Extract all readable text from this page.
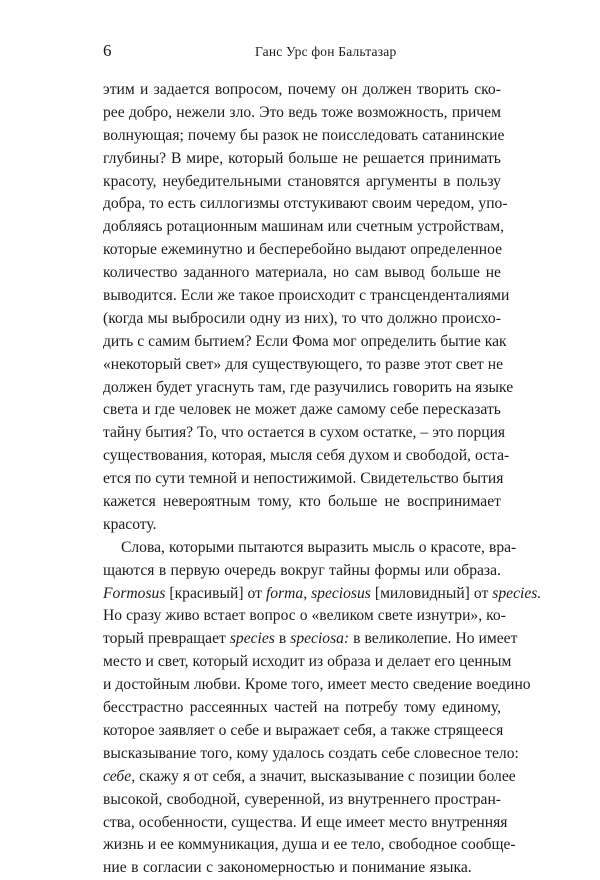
6	Ганс Урс фон Бальтазар
этим и задается вопросом, почему он должен творить ско-
рее добро, нежели зло. Это ведь тоже возможность, причем
волнующая; почему бы разок не поисследовать сатанинские
глубины? В мире, который больше не решается принимать
красоту, неубедительными становятся аргументы в пользу
добра, то есть силлогизмы отстукивают своим чередом, упо-
добляясь ротационным машинам или счетным устройствам,
которые ежеминутно и бесперебойно выдают определенное
количество заданного материала, но сам вывод больше не
выводится. Если же такое происходит с трансценденталиями
(когда мы выбросили одну из них), то что должно происхо-
дить с самим бытием? Если Фома мог определить бытие как
«некоторый свет» для существующего, то разве этот свет не
должен будет угаснуть там, где разучились говорить на языке
света и где человек не может даже самому себе пересказать
тайну бытия? То, что остается в сухом остатке, – это порция
существования, которая, мысля себя духом и свободой, оста-
ется по сути темной и непостижимой. Свидетельство бытия
кажется невероятным тому, кто больше не воспринимает
красоту.
Слова, которыми пытаются выразить мысль о красоте, вра-
щаются в первую очередь вокруг тайны формы или образа.
Formosus [красивый] от forma, speciosus [миловидный] от species.
Но сразу живо встает вопрос о «великом свете изнутри», ко-
торый превращает species в speciosa: в великолепие. Но имеет
место и свет, который исходит из образа и делает его ценным
и достойным любви. Кроме того, имеет место сведение воедино
бесстрастно рассеянных частей на потребу тому единому,
которое заявляет о себе и выражает себя, а также стрящееся
высказывание того, кому удалось создать себе словесное тело:
себе, скажу я от себя, а значит, высказывание с позиции более
высокой, свободной, суверенной, из внутреннего простран-
ства, особенности, существа. И еще имеет место внутренняя
жизнь и ее коммуникация, душа и ее тело, свободное сообще-
ние в согласии с закономерностью и понимание языка.
